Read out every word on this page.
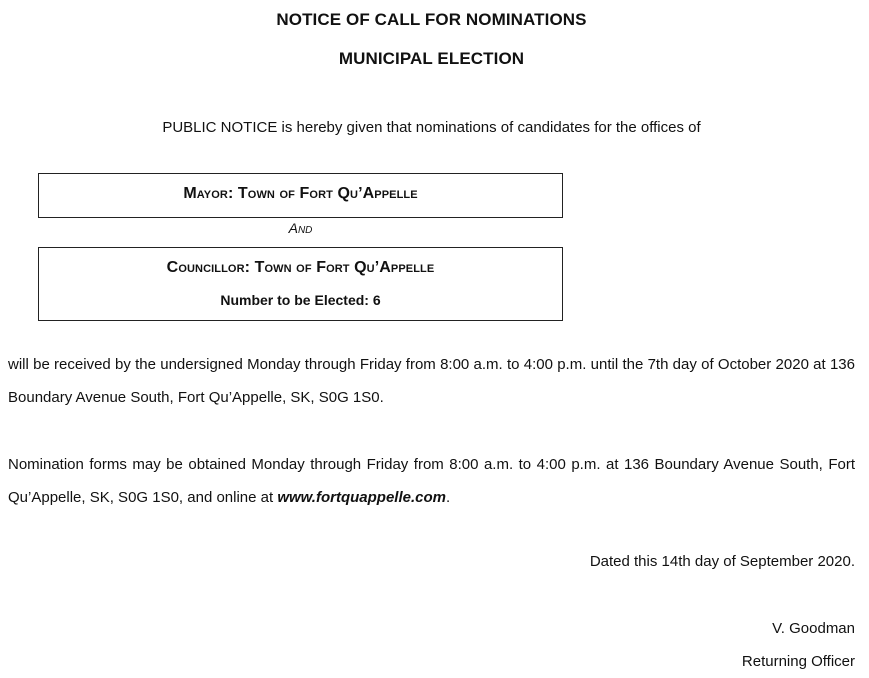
NOTICE OF CALL FOR NOMINATIONS
MUNICIPAL ELECTION
PUBLIC NOTICE is hereby given that nominations of candidates for the offices of
Mayor: Town of Fort Qu’Appelle
And
Councillor: Town of Fort Qu’Appelle
Number to be Elected: 6
will be received by the undersigned Monday through Friday from 8:00 a.m. to 4:00 p.m. until the 7th day of October 2020 at 136 Boundary Avenue South, Fort Qu’Appelle, SK, S0G 1S0.
Nomination forms may be obtained Monday through Friday from 8:00 a.m. to 4:00 p.m. at 136 Boundary Avenue South, Fort Qu’Appelle, SK, S0G 1S0, and online at www.fortquappelle.com.
Dated this 14th day of September 2020.
V. Goodman
Returning Officer
